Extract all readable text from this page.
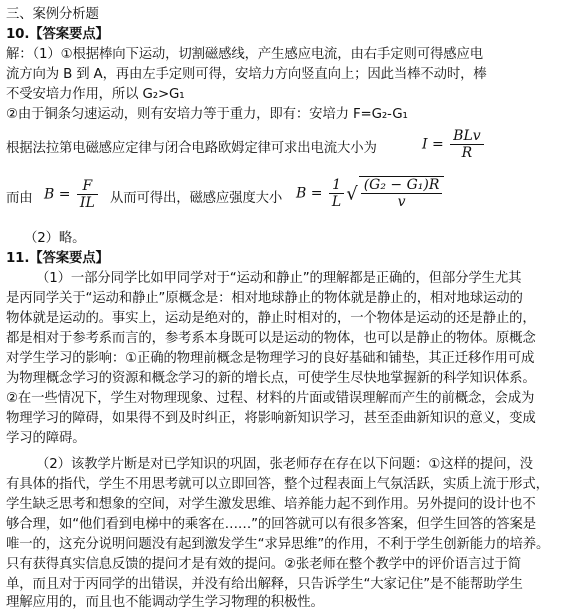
三、案例分析题

10.【答案要点】

解：（1）①根据棒向下运动，切割磁感线，产生感应电流，由右手定则可得感应电

流方向为 B 到 A，再由左手定则可得，安培力方向竖直向上；因此当棒不动时，棒

不受安培力作用，所以 G₂>G₁

②由于铜条匀速运动，则有安培力等于重力，即有：安培力 F=G₂-G₁

根据法拉第电磁感应定律与闭合电路欧姆定律可求出电流大小为	$I = \frac{\text{BLv}}{R}$

而由 $B = \frac{F}{IL}$ 从而可得出，磁感应强度大小 $B = \frac{1}{L}$ √ $\frac{\text{(G₂ − G₁)R}}{v}$

（2）略。

11.【答案要点】

（1）一部分同学比如甲同学对于“运动和静止”的理解都是正确的，但部分学生尤其

是丙同学关于“运动和静止”原概念是：相对地球静止的物体就是静止的，相对地球运动的

物体就是运动的。事实上，运动是绝对的，静止时相对的，一个物体是运动的还是静止的，

都是相对于参考系而言的，参考系本身既可以是运动的物体，也可以是静止的物体。原概念

对学生学习的影响：①正确的物理前概念是物理学习的良好基础和铺垫，其正迁移作用可成

为物理概念学习的资源和概念学习的新的增长点，可使学生尽快地掌握新的科学知识体系。

②在一些情况下，学生对物理现象、过程、材料的片面或错误理解而产生的前概念，会成为

物理学习的障碍，如果得不到及时纠正，将影响新知识学习，甚至歪曲新知识的意义，变成

学习的障碍。

（2）该教学片断是对已学知识的巩固，张老师存在存在以下问题：①这样的提问，没

有具体的指代，学生不用思考就可以立即回答，整个过程表面上气氛活跃，实质上流于形式，

学生缺乏思考和想象的空间，对学生激发思维、培养能力起不到作用。另外提问的设计也不

够合理，如“他们看到电梯中的乘客在……”的回答就可以有很多答案，但学生回答的答案是

唯一的，这充分说明问题没有起到激发学生“求异思维”的作用，不利于学生创新能力的培养。

只有获得真实信息反馈的提问才是有效的提问。②张老师在整个教学中的评价语言过于简

单，而且对于丙同学的出错误，并没有给出解释，只告诉学生“大家记住”是不能帮助学生

理解应用的，而且也不能调动学生学习物理的积极性。
